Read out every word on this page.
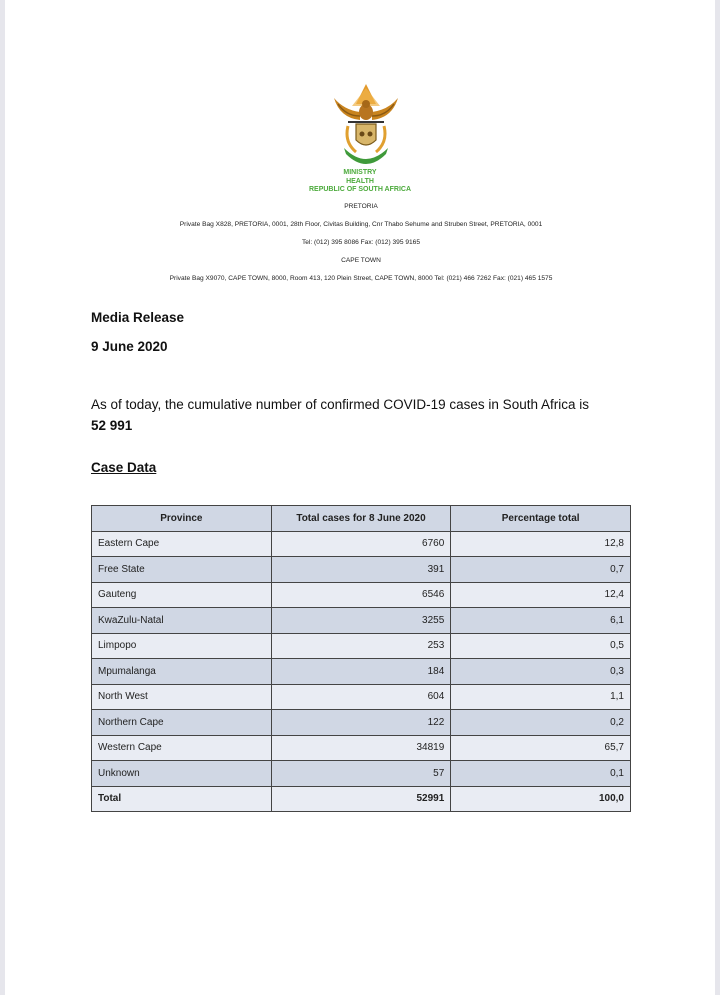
MINISTRY
HEALTH
REPUBLIC OF SOUTH AFRICA
PRETORIA
Private Bag X828, PRETORIA, 0001, 28th Floor, Civitas Building, Cnr Thabo Sehume and Struben Street, PRETORIA, 0001
Tel: (012) 395 8086 Fax: (012) 395 9165
CAPE TOWN
Private Bag X9070, CAPE TOWN, 8000, Room 413, 120 Plein Street, CAPE TOWN, 8000 Tel: (021) 466 7262 Fax: (021) 465 1575
Media Release
9 June 2020
As of today, the cumulative number of confirmed COVID-19 cases in South Africa is
52 991
Case Data
Province	Total cases for 8 June 2020	Percentage total
Eastern Cape	6760	12,8
Free State	391	0,7
Gauteng	6546	12,4
KwaZulu-Natal	3255	6,1
Limpopo	253	0,5
Mpumalanga	184	0,3
North West	604	1,1
Northern Cape	122	0,2
Western Cape	34819	65,7
Unknown	57	0,1
Total	52991	100,0
